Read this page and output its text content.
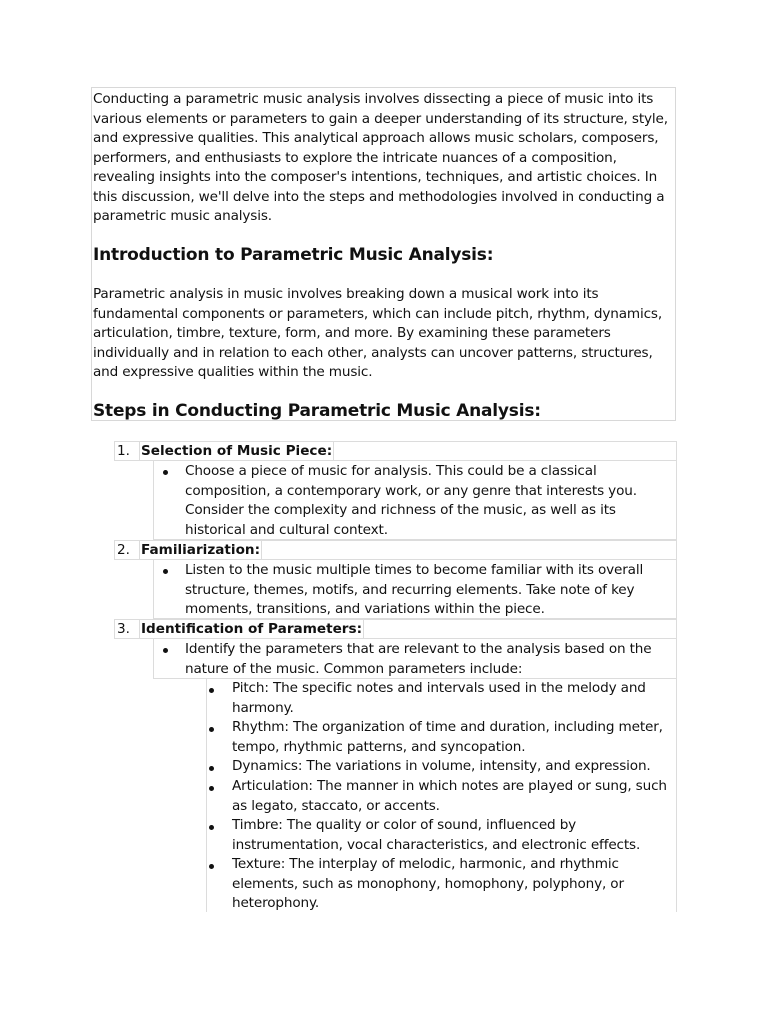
Conducting a parametric music analysis involves dissecting a piece of music into its various elements or parameters to gain a deeper understanding of its structure, style, and expressive qualities. This analytical approach allows music scholars, composers, performers, and enthusiasts to explore the intricate nuances of a composition, revealing insights into the composer's intentions, techniques, and artistic choices. In this discussion, we'll delve into the steps and methodologies involved in conducting a parametric music analysis.

Introduction to Parametric Music Analysis:

Parametric analysis in music involves breaking down a musical work into its fundamental components or parameters, which can include pitch, rhythm, dynamics, articulation, timbre, texture, form, and more. By examining these parameters individually and in relation to each other, analysts can uncover patterns, structures, and expressive qualities within the music.

Steps in Conducting Parametric Music Analysis:
1. Selection of Music Piece:
Choose a piece of music for analysis. This could be a classical composition, a contemporary work, or any genre that interests you. Consider the complexity and richness of the music, as well as its historical and cultural context.
2. Familiarization:
Listen to the music multiple times to become familiar with its overall structure, themes, motifs, and recurring elements. Take note of key moments, transitions, and variations within the piece.
3. Identification of Parameters:
Identify the parameters that are relevant to the analysis based on the nature of the music. Common parameters include:
Pitch: The specific notes and intervals used in the melody and harmony.
Rhythm: The organization of time and duration, including meter, tempo, rhythmic patterns, and syncopation.
Dynamics: The variations in volume, intensity, and expression.
Articulation: The manner in which notes are played or sung, such as legato, staccato, or accents.
Timbre: The quality or color of sound, influenced by instrumentation, vocal characteristics, and electronic effects.
Texture: The interplay of melodic, harmonic, and rhythmic elements, such as monophony, homophony, polyphony, or heterophony.
